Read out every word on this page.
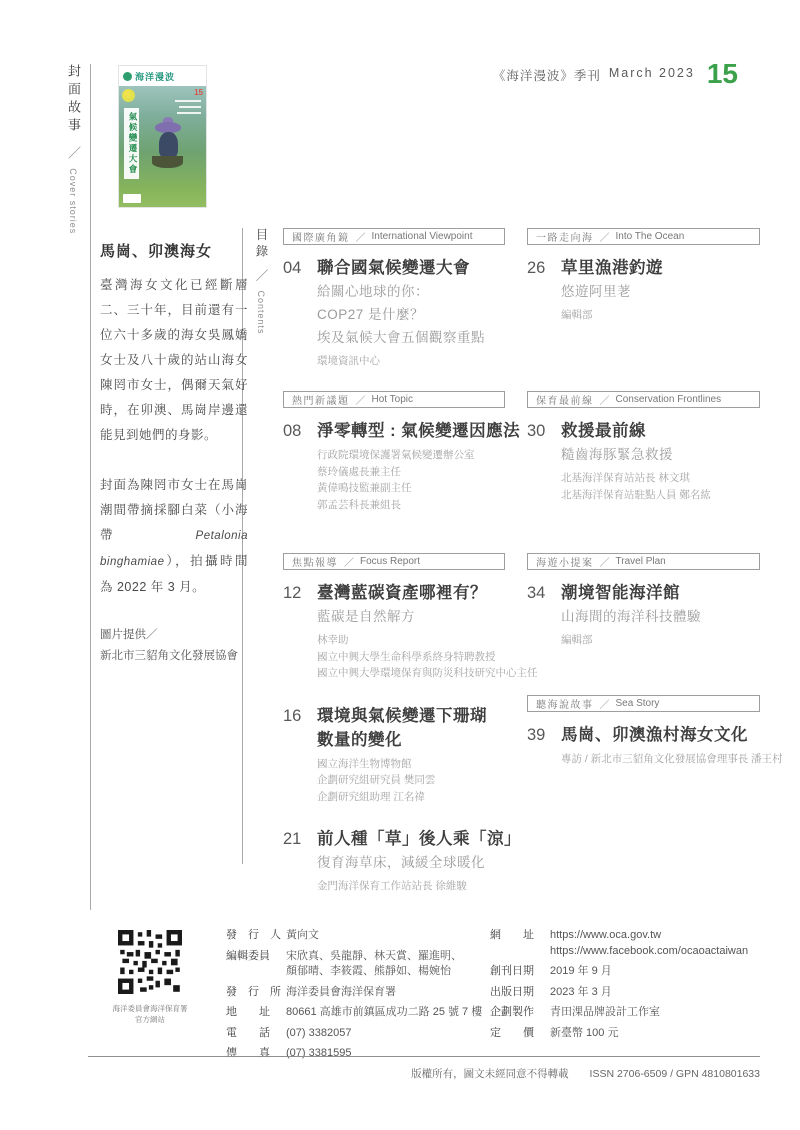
封面故事 ／ Cover stories
海洋漫波
15
氣候變遷大會
《海洋漫波》季刊 March 2023 15
馬崗、卯澳海女
臺灣海女文化已經斷層二、三十年，目前還有一位六十多歲的海女吳鳳嬌女士及八十歲的站山海女陳罔市女士，偶爾天氣好時，在卯澳、馬崗岸邊還能見到她們的身影。
封面為陳罔市女士在馬崗潮間帶摘採腳白菜（小海帶 Petalonia binghamiae），拍攝時間為 2022 年 3 月。
圖片提供／
新北市三貂角文化發展協會
目錄 ／ Contents
國際廣角鏡 ／ International Viewpoint
04 聯合國氣候變遷大會
給關心地球的你：
COP27 是什麼？
埃及氣候大會五個觀察重點
環境資訊中心
熱門新議題 ／ Hot Topic
08 淨零轉型 : 氣候變遷因應法
行政院環境保護署氣候變遷辦公室
蔡玲儀處長兼主任
黃偉鳴技監兼副主任
郭孟芸科長兼組長
焦點報導 ／ Focus Report
12 臺灣藍碳資產哪裡有？
藍碳是自然解方
林幸助
國立中興大學生命科學系終身特聘教授
國立中興大學環境保育與防災科技研究中心主任
16 環境與氣候變遷下珊瑚
數量的變化
國立海洋生物博物館
企劃研究組研究員 樊同雲
企劃研究組助理 江名禕
21 前人種「草」後人乘「涼」
復育海草床，減緩全球暖化
金門海洋保育工作站站長 徐維駿
一路走向海 ／ Into The Ocean
26 草里漁港釣遊
悠遊阿里荖
編輯部
保育最前線 ／ Conservation Frontlines
30 救援最前線
糙齒海豚緊急救援
北基海洋保育站站長 林文琪
北基海洋保育站駐點人員 鄭名紘
海遊小提案 ／ Travel Plan
34 潮境智能海洋館
山海間的海洋科技體驗
編輯部
聽海說故事 ／ Sea Story
39 馬崗、卯澳漁村海女文化
專訪 / 新北市三貂角文化發展協會理事長 潘王村
海洋委員會海洋保育署
官方網站
發　行　人 黃向文
編輯委員	宋欣真、吳龍靜、林天賞、羅進明、
顏郁晴、李筱霞、熊靜如、楊婉怡
發　行　所 海洋委員會海洋保育署
地　　址	80661 高雄市前鎮區成功二路 25 號 7 樓
電　　話	(07) 3382057
傳　　真	(07) 3381595
網　　址	https://www.oca.gov.tw
https://www.facebook.com/ocaoactaiwan
創刊日期	2019 年 9 月
出版日期	2023 年 3 月
企劃製作	青田淉品牌設計工作室
定　　價	新臺幣 100 元
版權所有，圖文未經同意不得轉載 ISSN 2706-6509 / GPN 4810801633
